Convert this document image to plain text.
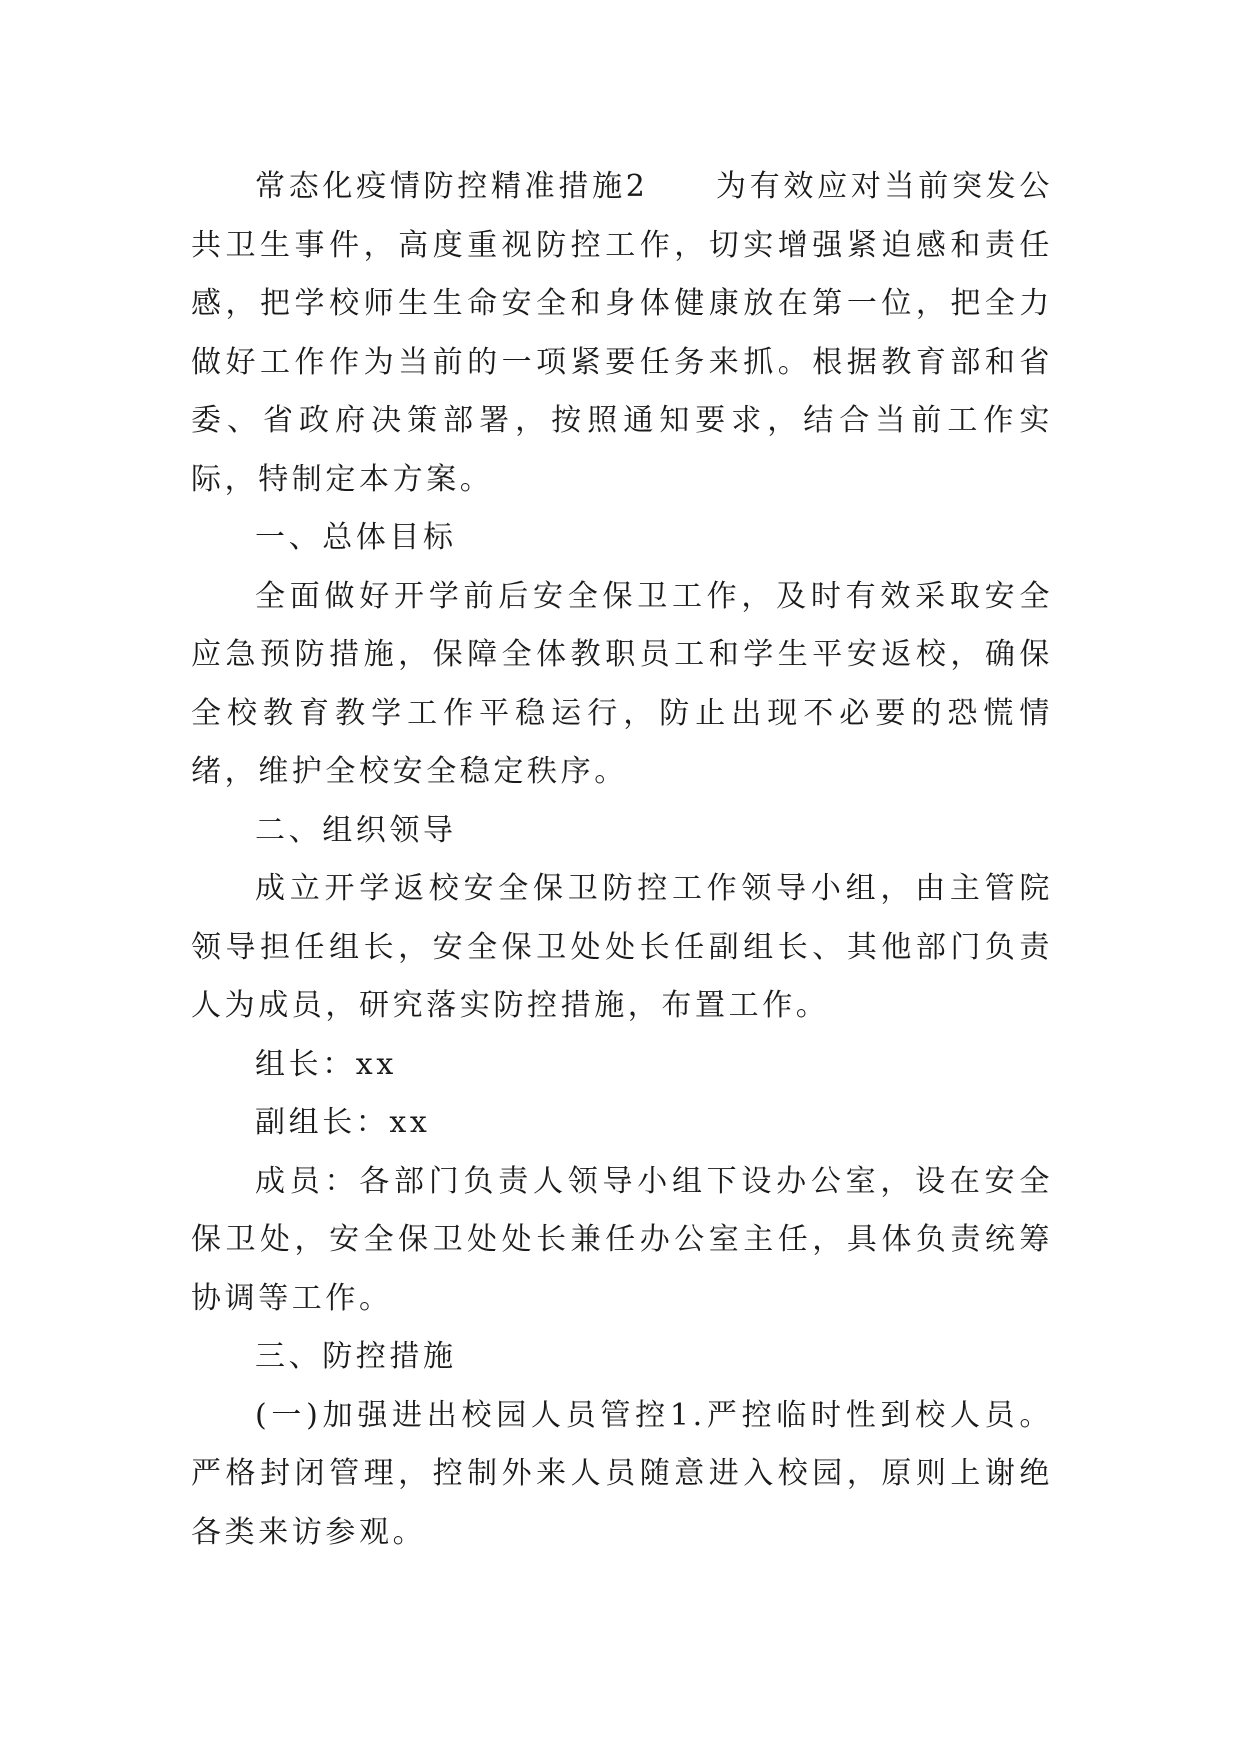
常态化疫情防控精准措施2　　为有效应对当前突发公共卫生事件，高度重视防控工作，切实增强紧迫感和责任感，把学校师生生命安全和身体健康放在第一位，把全力做好工作作为当前的一项紧要任务来抓。根据教育部和省委、省政府决策部署，按照通知要求，结合当前工作实际，特制定本方案。

一、总体目标

全面做好开学前后安全保卫工作，及时有效采取安全应急预防措施，保障全体教职员工和学生平安返校，确保全校教育教学工作平稳运行，防止出现不必要的恐慌情绪，维护全校安全稳定秩序。

二、组织领导

成立开学返校安全保卫防控工作领导小组，由主管院领导担任组长，安全保卫处处长任副组长、其他部门负责人为成员，研究落实防控措施，布置工作。

组长：xx

副组长：xx

成员：各部门负责人领导小组下设办公室，设在安全保卫处，安全保卫处处长兼任办公室主任，具体负责统筹协调等工作。

三、防控措施

(一)加强进出校园人员管控1.严控临时性到校人员。严格封闭管理，控制外来人员随意进入校园，原则上谢绝各类来访参观。
